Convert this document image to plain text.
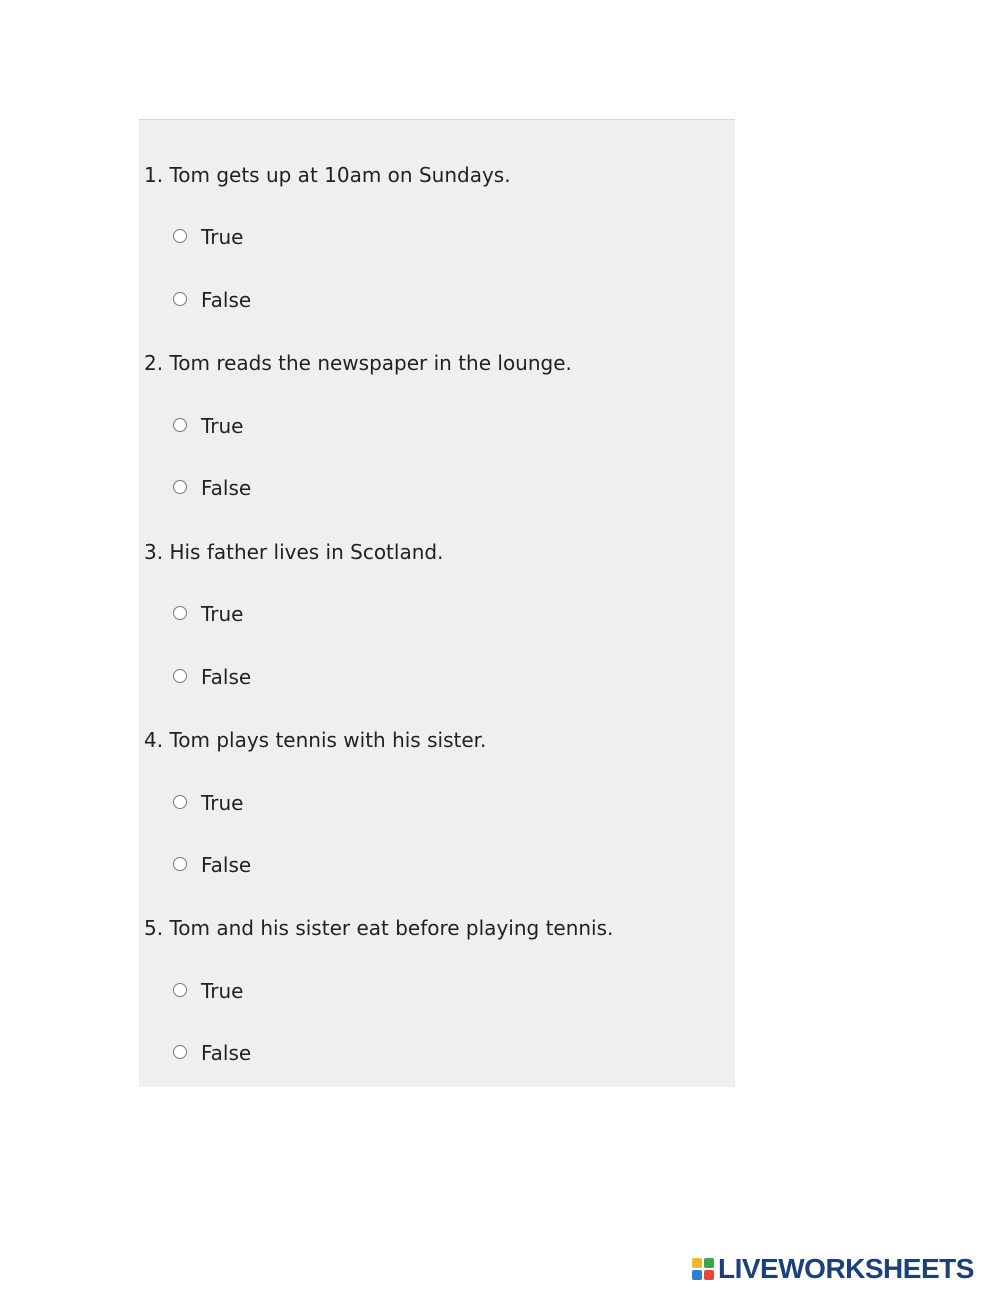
1. Tom gets up at 10am on Sundays.
True
False
2. Tom reads the newspaper in the lounge.
True
False
3. His father lives in Scotland.
True
False
4. Tom plays tennis with his sister.
True
False
5. Tom and his sister eat before playing tennis.
True
False
LIVEWORKSHEETS
